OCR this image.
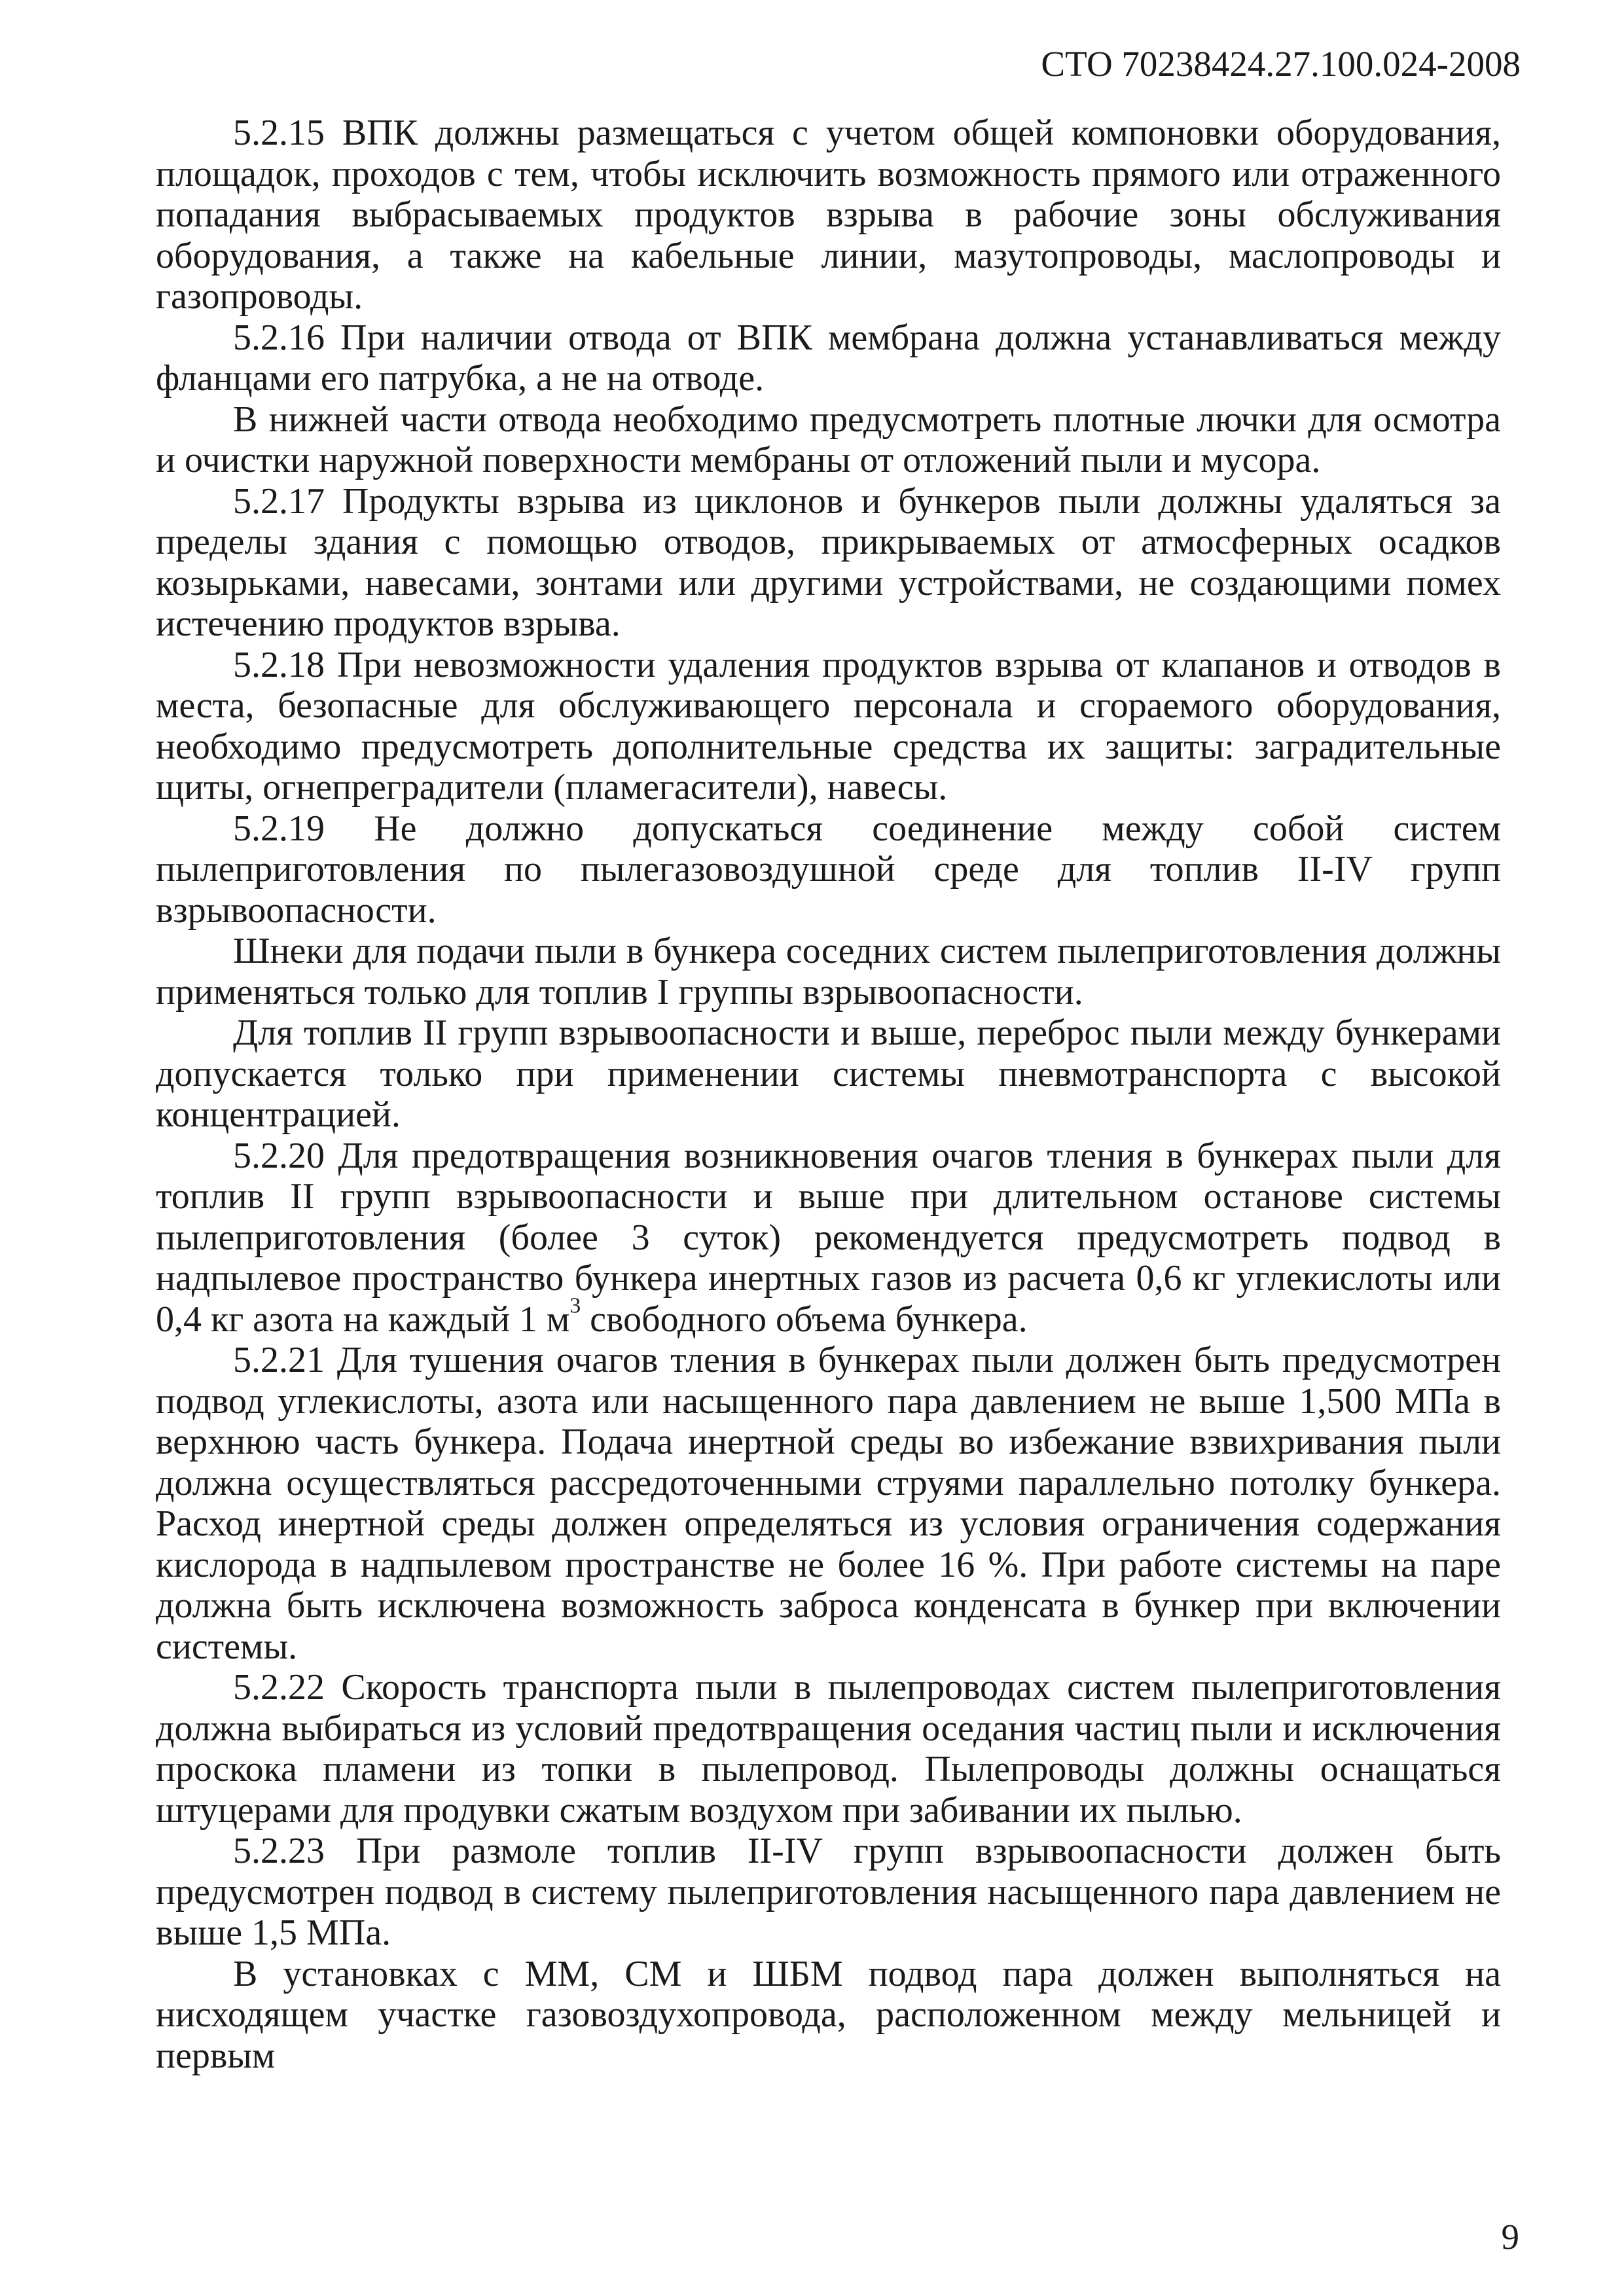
СТО 70238424.27.100.024-2008

5.2.15 ВПК должны размещаться с учетом общей компоновки оборудования, площадок, проходов с тем, чтобы исключить возможность прямого или отраженного попадания выбрасываемых продуктов взрыва в рабочие зоны обслуживания оборудования, а также на кабельные линии, мазутопроводы, маслопроводы и газопроводы.

5.2.16 При наличии отвода от ВПК мембрана должна устанавливаться между фланцами его патрубка, а не на отводе.

В нижней части отвода необходимо предусмотреть плотные лючки для осмотра и очистки наружной поверхности мембраны от отложений пыли и мусора.

5.2.17 Продукты взрыва из циклонов и бункеров пыли должны удаляться за пределы здания с помощью отводов, прикрываемых от атмосферных осадков козырьками, навесами, зонтами или другими устройствами, не создающими помех истечению продуктов взрыва.

5.2.18 При невозможности удаления продуктов взрыва от клапанов и отводов в места, безопасные для обслуживающего персонала и сгораемого оборудования, необходимо предусмотреть дополнительные средства их защиты: заградительные щиты, огнепреградители (пламегасители), навесы.

5.2.19 Не должно допускаться соединение между собой систем пылеприготовления по пылегазовоздушной среде для топлив II-IV групп взрывоопасности.

Шнеки для подачи пыли в бункера соседних систем пылеприготовления должны применяться только для топлив I группы взрывоопасности.

Для топлив II групп взрывоопасности и выше, переброс пыли между бункерами допускается только при применении системы пневмотранспорта с высокой концентрацией.

5.2.20 Для предотвращения возникновения очагов тления в бункерах пыли для топлив II групп взрывоопасности и выше при длительном останове системы пылеприготовления (более 3 суток) рекомендуется предусмотреть подвод в надпылевое пространство бункера инертных газов из расчета 0,6 кг углекислоты или 0,4 кг азота на каждый 1 $м^3$ свободного объема бункера.

5.2.21 Для тушения очагов тления в бункерах пыли должен быть предусмотрен подвод углекислоты, азота или насыщенного пара давлением не выше 1,500 МПа в верхнюю часть бункера. Подача инертной среды во избежание взвихривания пыли должна осуществляться рассредоточенными струями параллельно потолку бункера. Расход инертной среды должен определяться из условия ограничения содержания кислорода в надпылевом пространстве не более 16 %. При работе системы на паре должна быть исключена возможность заброса конденсата в бункер при включении системы.

5.2.22 Скорость транспорта пыли в пылепроводах систем пылеприготовления должна выбираться из условий предотвращения оседания частиц пыли и исключения проскока пламени из топки в пылепровод. Пылепроводы должны оснащаться штуцерами для продувки сжатым воздухом при забивании их пылью.

5.2.23 При размоле топлив II-IV групп взрывоопасности должен быть предусмотрен подвод в систему пылеприготовления насыщенного пара давлением не выше 1,5 МПа.

В установках с ММ, СМ и ШБМ подвод пара должен выполняться на нисходящем участке газовоздухопровода, расположенном между мельницей и первым

9
